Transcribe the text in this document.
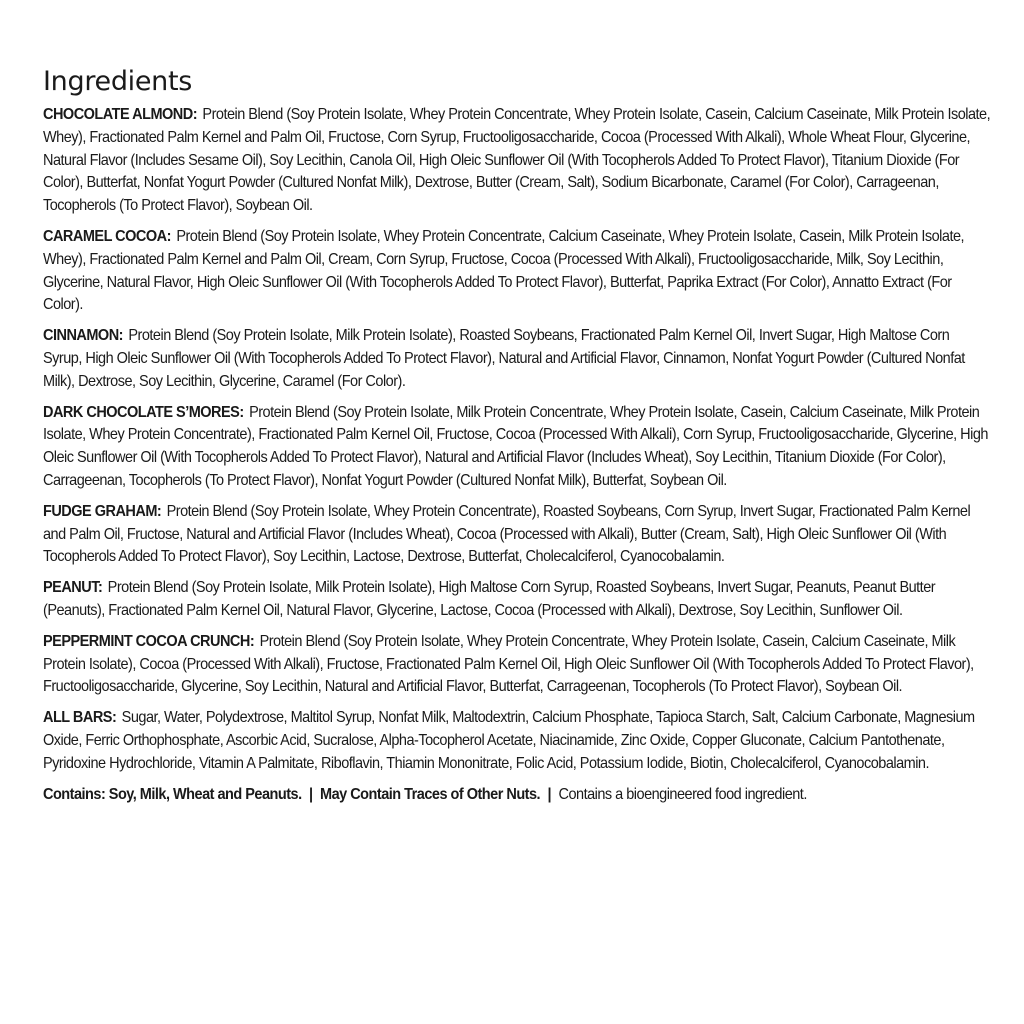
Ingredients

CHOCOLATE ALMOND: Protein Blend (Soy Protein Isolate, Whey Protein Concentrate, Whey Protein Isolate, Casein, Calcium Caseinate, Milk Protein Isolate, Whey), Fractionated Palm Kernel and Palm Oil, Fructose, Corn Syrup, Fructooligosaccharide, Cocoa (Processed With Alkali), Whole Wheat Flour, Glycerine, Natural Flavor (Includes Sesame Oil), Soy Lecithin, Canola Oil, High Oleic Sunflower Oil (With Tocopherols Added To Protect Flavor), Titanium Dioxide (For Color), Butterfat, Nonfat Yogurt Powder (Cultured Nonfat Milk), Dextrose, Butter (Cream, Salt), Sodium Bicarbonate, Caramel (For Color), Carrageenan, Tocopherols (To Protect Flavor), Soybean Oil.

CARAMEL COCOA: Protein Blend (Soy Protein Isolate, Whey Protein Concentrate, Calcium Caseinate, Whey Protein Isolate, Casein, Milk Protein Isolate, Whey), Fractionated Palm Kernel and Palm Oil, Cream, Corn Syrup, Fructose, Cocoa (Processed With Alkali), Fructooligosaccharide, Milk, Soy Lecithin, Glycerine, Natural Flavor, High Oleic Sunflower Oil (With Tocopherols Added To Protect Flavor), Butterfat, Paprika Extract (For Color), Annatto Extract (For Color).

CINNAMON: Protein Blend (Soy Protein Isolate, Milk Protein Isolate), Roasted Soybeans, Fractionated Palm Kernel Oil, Invert Sugar, High Maltose Corn Syrup, High Oleic Sunflower Oil (With Tocopherols Added To Protect Flavor), Natural and Artificial Flavor, Cinnamon, Nonfat Yogurt Powder (Cultured Nonfat Milk), Dextrose, Soy Lecithin, Glycerine, Caramel (For Color).

DARK CHOCOLATE S’MORES: Protein Blend (Soy Protein Isolate, Milk Protein Concentrate, Whey Protein Isolate, Casein, Calcium Caseinate, Milk Protein Isolate, Whey Protein Concentrate), Fractionated Palm Kernel Oil, Fructose, Cocoa (Processed With Alkali), Corn Syrup, Fructooligosaccharide, Glycerine, High Oleic Sunflower Oil (With Tocopherols Added To Protect Flavor), Natural and Artificial Flavor (Includes Wheat), Soy Lecithin, Titanium Dioxide (For Color), Carrageenan, Tocopherols (To Protect Flavor), Nonfat Yogurt Powder (Cultured Nonfat Milk), Butterfat, Soybean Oil.

FUDGE GRAHAM: Protein Blend (Soy Protein Isolate, Whey Protein Concentrate), Roasted Soybeans, Corn Syrup, Invert Sugar, Fractionated Palm Kernel and Palm Oil, Fructose, Natural and Artificial Flavor (Includes Wheat), Cocoa (Processed with Alkali), Butter (Cream, Salt), High Oleic Sunflower Oil (With Tocopherols Added To Protect Flavor), Soy Lecithin, Lactose, Dextrose, Butterfat, Cholecalciferol, Cyanocobalamin.

PEANUT: Protein Blend (Soy Protein Isolate, Milk Protein Isolate), High Maltose Corn Syrup, Roasted Soybeans, Invert Sugar, Peanuts, Peanut Butter (Peanuts), Fractionated Palm Kernel Oil, Natural Flavor, Glycerine, Lactose, Cocoa (Processed with Alkali), Dextrose, Soy Lecithin, Sunflower Oil.

PEPPERMINT COCOA CRUNCH: Protein Blend (Soy Protein Isolate, Whey Protein Concentrate, Whey Protein Isolate, Casein, Calcium Caseinate, Milk Protein Isolate), Cocoa (Processed With Alkali), Fructose, Fractionated Palm Kernel Oil, High Oleic Sunflower Oil (With Tocopherols Added To Protect Flavor), Fructooligosaccharide, Glycerine, Soy Lecithin, Natural and Artificial Flavor, Butterfat, Carrageenan, Tocopherols (To Protect Flavor), Soybean Oil.

ALL BARS: Sugar, Water, Polydextrose, Maltitol Syrup, Nonfat Milk, Maltodextrin, Calcium Phosphate, Tapioca Starch, Salt, Calcium Carbonate, Magnesium Oxide, Ferric Orthophosphate, Ascorbic Acid, Sucralose, Alpha-Tocopherol Acetate, Niacinamide, Zinc Oxide, Copper Gluconate, Calcium Pantothenate, Pyridoxine Hydrochloride, Vitamin A Palmitate, Riboflavin, Thiamin Mononitrate, Folic Acid, Potassium Iodide, Biotin, Cholecalciferol, Cyanocobalamin.

Contains: Soy, Milk, Wheat and Peanuts. | May Contain Traces of Other Nuts. | Contains a bioengineered food ingredient.
